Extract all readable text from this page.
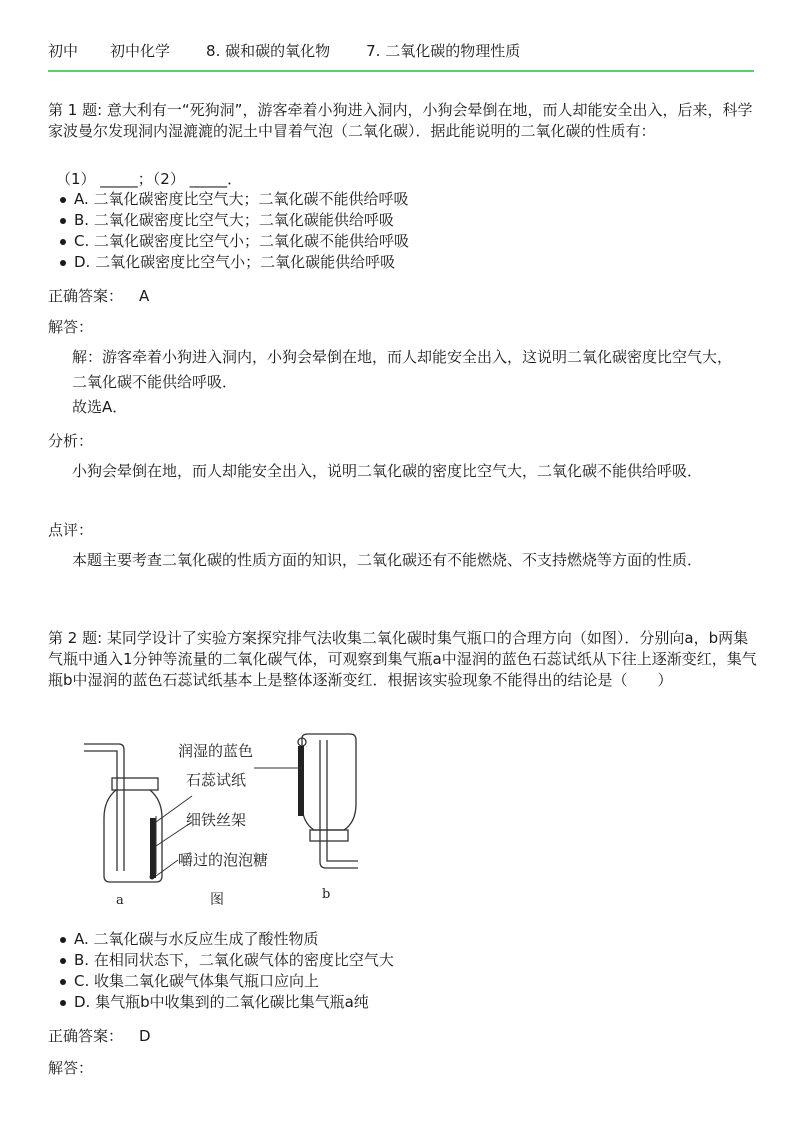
初中 初中化学 8. 碳和碳的氧化物 7. 二氧化碳的物理性质
第 1 题: 意大利有一“死狗洞”，游客牵着小狗进入洞内，小狗会晕倒在地，而人却能安全出入，后来，科学家波曼尔发现洞内湿漉漉的泥土中冒着气泡（二氧化碳）．据此能说明的二氧化碳的性质有：
（1） _____；（2） _____．
A. 二氧化碳密度比空气大；二氧化碳不能供给呼吸
B. 二氧化碳密度比空气大；二氧化碳能供给呼吸
C. 二氧化碳密度比空气小；二氧化碳不能供给呼吸
D. 二氧化碳密度比空气小；二氧化碳能供给呼吸
正确答案： A
解答：
解：游客牵着小狗进入洞内，小狗会晕倒在地，而人却能安全出入，这说明二氧化碳密度比空气大，二氧化碳不能供给呼吸．
故选A．
分析：
小狗会晕倒在地，而人却能安全出入，说明二氧化碳的密度比空气大，二氧化碳不能供给呼吸．
点评：
本题主要考查二氧化碳的性质方面的知识，二氧化碳还有不能燃烧、不支持燃烧等方面的性质．
第 2 题: 某同学设计了实验方案探究排气法收集二氧化碳时集气瓶口的合理方向（如图）．分别向a，b两集气瓶中通入1分钟等流量的二氧化碳气体，可观察到集气瓶a中湿润的蓝色石蕊试纸从下往上逐渐变红，集气瓶b中湿润的蓝色石蕊试纸基本上是整体逐渐变红．根据该实验现象不能得出的结论是（　　）
润湿的蓝色
石蕊试纸
细铁丝架
嚼过的泡泡糖
a	图	b
A. 二氧化碳与水反应生成了酸性物质
B. 在相同状态下，二氧化碳气体的密度比空气大
C. 收集二氧化碳气体集气瓶口应向上
D. 集气瓶b中收集到的二氧化碳比集气瓶a纯
正确答案： D
解答：
